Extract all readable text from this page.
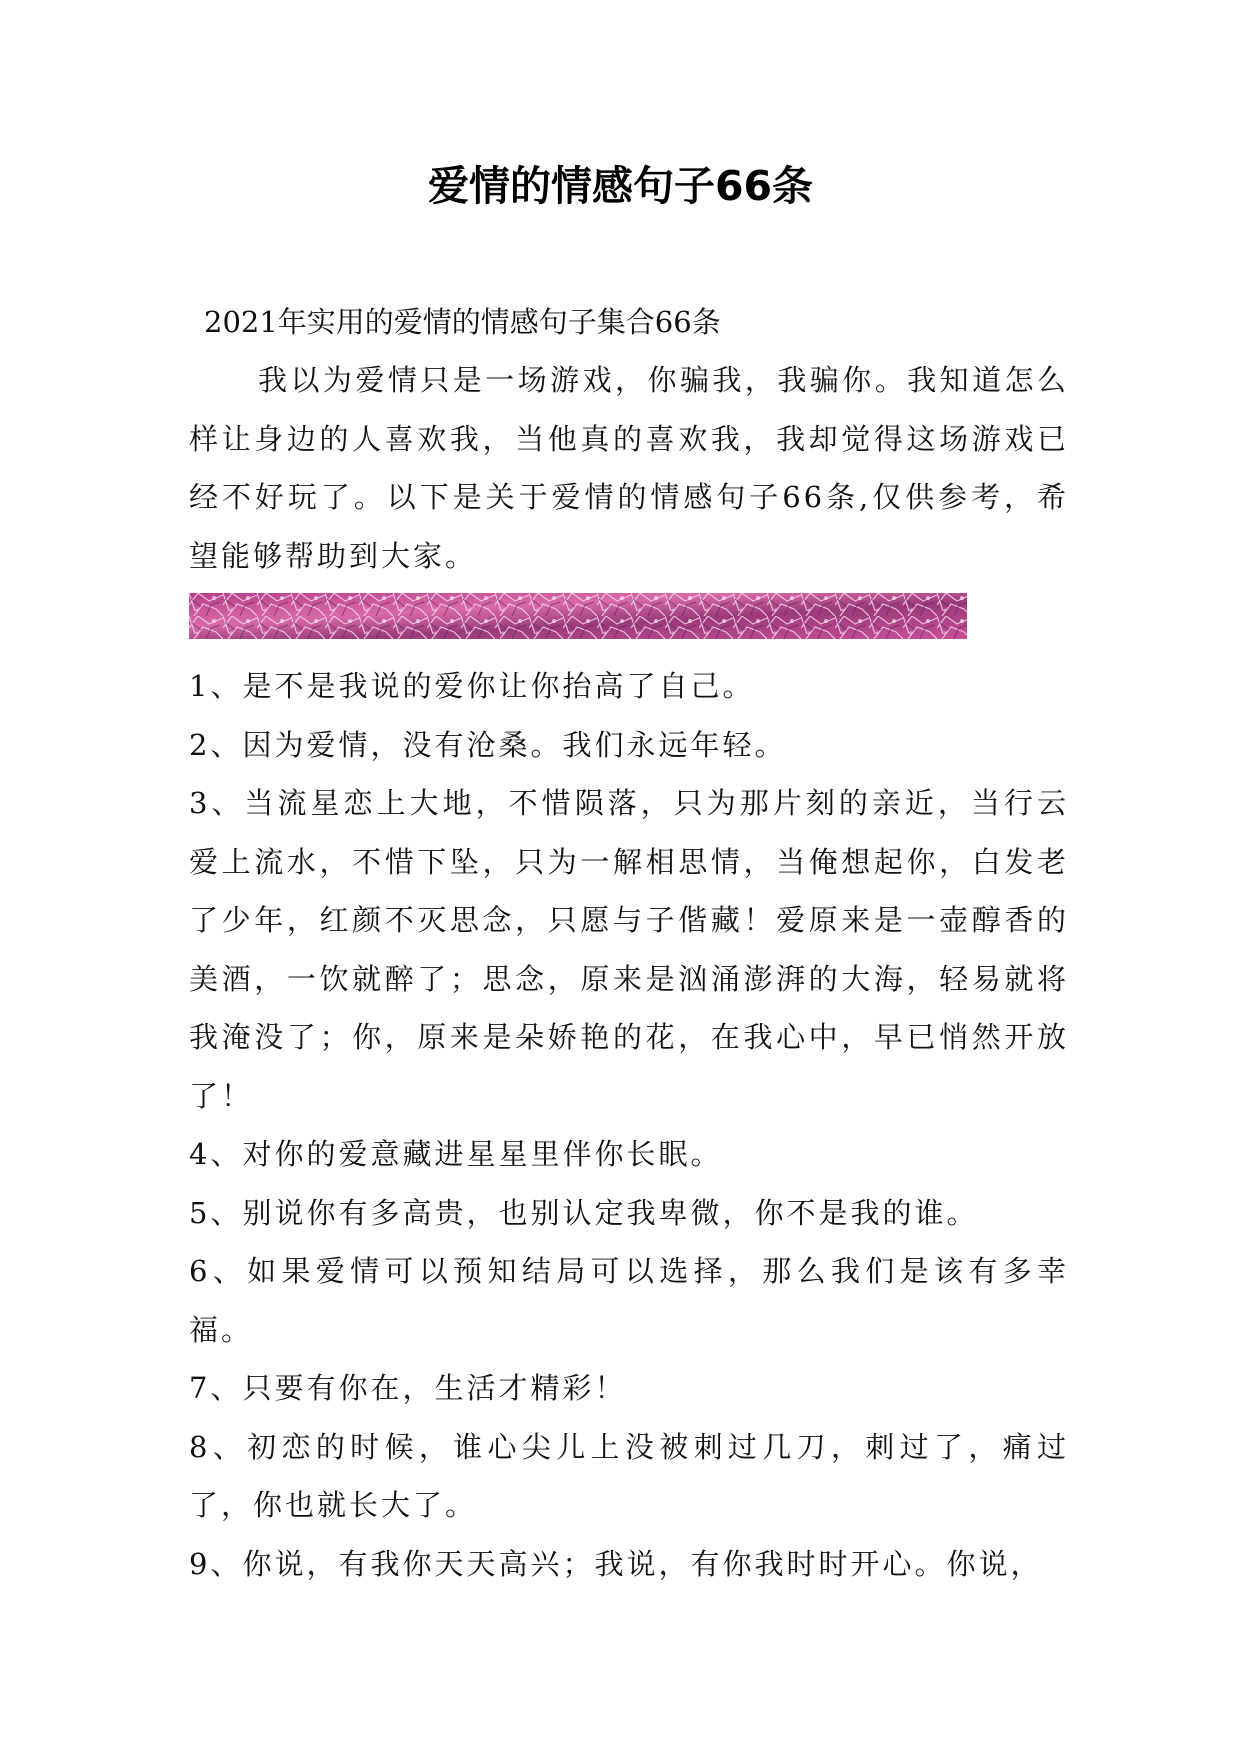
爱情的情感句子66条

2021年实用的爱情的情感句子集合66条

我以为爱情只是一场游戏，你骗我，我骗你。我知道怎么样让身边的人喜欢我，当他真的喜欢我，我却觉得这场游戏已经不好玩了。以下是关于爱情的情感句子66条,仅供参考，希望能够帮助到大家。

1、是不是我说的爱你让你抬高了自己。
2、因为爱情，没有沧桑。我们永远年轻。
3、当流星恋上大地，不惜陨落，只为那片刻的亲近，当行云爱上流水，不惜下坠，只为一解相思情，当俺想起你，白发老了少年，红颜不灭思念，只愿与子偕藏！爱原来是一壶醇香的美酒，一饮就醉了；思念，原来是汹涌澎湃的大海，轻易就将我淹没了；你，原来是朵娇艳的花，在我心中，早已悄然开放了！
4、对你的爱意藏进星星里伴你长眠。
5、别说你有多高贵，也别认定我卑微，你不是我的谁。
6、如果爱情可以预知结局可以选择，那么我们是该有多幸福。
7、只要有你在，生活才精彩！
8、初恋的时候，谁心尖儿上没被刺过几刀，刺过了，痛过了，你也就长大了。
9、你说，有我你天天高兴；我说，有你我时时开心。你说，
